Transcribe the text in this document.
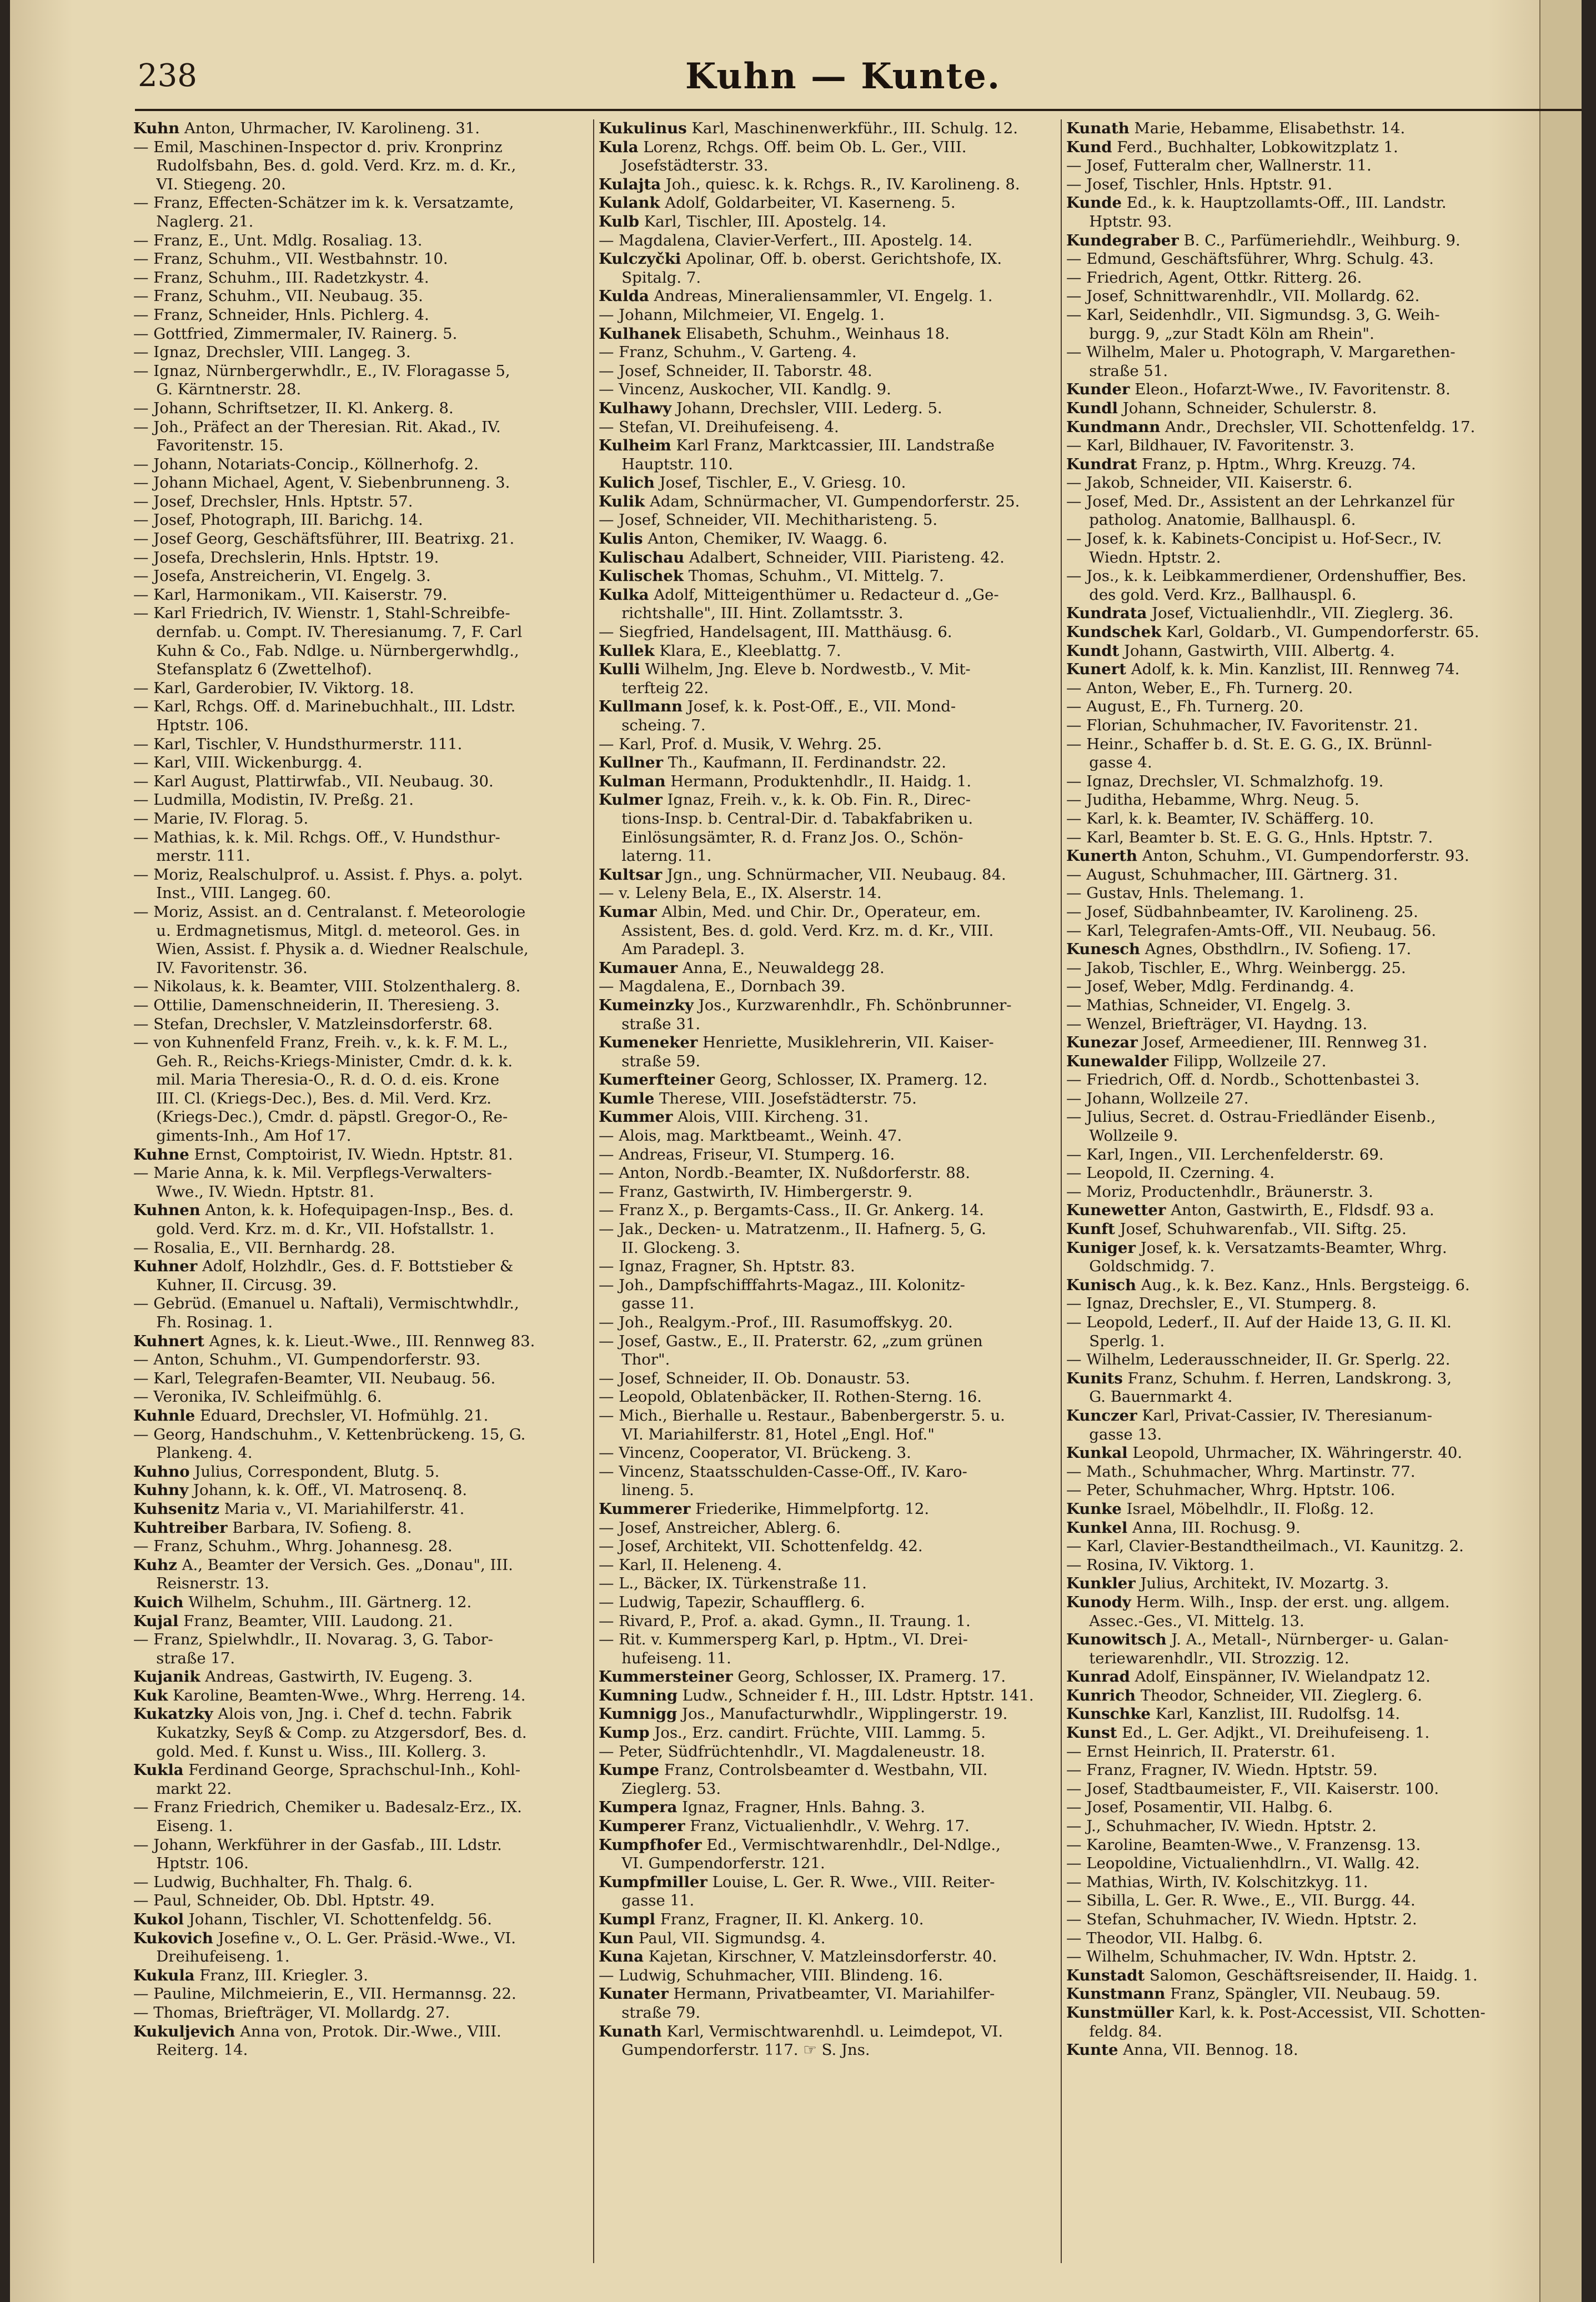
238	Kuhn — Kunte.
Kuhn Anton, Uhrmacher, IV. Karolineng. 31.
— Emil, Maschinen-Inspector d. priv. Kronprinz
  Rudolfsbahn, Bes. d. gold. Verd. Krz. m. d. Kr.,
  VI. Stiegeng. 20.
— Franz, Effecten-Schätzer im k. k. Versatzamte,
  Naglerg. 21.
— Franz, E., Unt. Mdlg. Rosaliag. 13.
— Franz, Schuhm., VII. Westbahnstr. 10.
— Franz, Schuhm., III. Radetzkystr. 4.
— Franz, Schuhm., VII. Neubaug. 35.
— Franz, Schneider, Hnls. Pichlerg. 4.
— Gottfried, Zimmermaler, IV. Rainerg. 5.
— Ignaz, Drechsler, VIII. Langeg. 3.
— Ignaz, Nürnbergerwhdlr., E., IV. Floragasse 5,
  G. Kärntnerstr. 28.
— Johann, Schriftsetzer, II. Kl. Ankerg. 8.
— Joh., Präfect an der Theresian. Rit. Akad., IV.
  Favoritenstr. 15.
— Johann, Notariats-Concip., Köllnerhofg. 2.
— Johann Michael, Agent, V. Siebenbrunneng. 3.
— Josef, Drechsler, Hnls. Hptstr. 57.
— Josef, Photograph, III. Barichg. 14.
— Josef Georg, Geschäftsführer, III. Beatrixg. 21.
— Josefa, Drechslerin, Hnls. Hptstr. 19.
— Josefa, Anstreicherin, VI. Engelg. 3.
— Karl, Harmonikam., VII. Kaiserstr. 79.
— Karl Friedrich, IV. Wienstr. 1, Stahl-Schreibfe-
  dernfab. u. Compt. IV. Theresianumg. 7, F. Carl
  Kuhn & Co., Fab. Ndlge. u. Nürnbergerwhdlg.,
  Stefansplatz 6 (Zwettelhof).
— Karl, Garderobier, IV. Viktorg. 18.
— Karl, Rchgs. Off. d. Marinebuchhalt., III. Ldstr.
  Hptstr. 106.
— Karl, Tischler, V. Hundsthurmerstr. 111.
— Karl, VIII. Wickenburgg. 4.
— Karl August, Plattirwfab., VII. Neubaug. 30.
— Ludmilla, Modistin, IV. Preßg. 21.
— Marie, IV. Florag. 5.
— Mathias, k. k. Mil. Rchgs. Off., V. Hundsthur-
  merstr. 111.
— Moriz, Realschulprof. u. Assist. f. Phys. a. polyt.
  Inst., VIII. Langeg. 60.
— Moriz, Assist. an d. Centralanst. f. Meteorologie
  u. Erdmagnetismus, Mitgl. d. meteorol. Ges. in
  Wien, Assist. f. Physik a. d. Wiedner Realschule,
  IV. Favoritenstr. 36.
— Nikolaus, k. k. Beamter, VIII. Stolzenthalerg. 8.
— Ottilie, Damenschneiderin, II. Theresieng. 3.
— Stefan, Drechsler, V. Matzleinsdorferstr. 68.
— von Kuhnenfeld Franz, Freih. v., k. k. F. M. L.,
  Geh. R., Reichs-Kriegs-Minister, Cmdr. d. k. k.
  mil. Maria Theresia-O., R. d. O. d. eis. Krone
  III. Cl. (Kriegs-Dec.), Bes. d. Mil. Verd. Krz.
  (Kriegs-Dec.), Cmdr. d. päpstl. Gregor-O., Re-
  giments-Inh., Am Hof 17.
Kuhne Ernst, Comptoirist, IV. Wiedn. Hptstr. 81.
— Marie Anna, k. k. Mil. Verpflegs-Verwalters-
  Wwe., IV. Wiedn. Hptstr. 81.
Kuhnen Anton, k. k. Hofequipagen-Insp., Bes. d.
  gold. Verd. Krz. m. d. Kr., VII. Hofstallstr. 1.
— Rosalia, E., VII. Bernhardg. 28.
Kuhner Adolf, Holzhdlr., Ges. d. F. Bottstieber &
  Kuhner, II. Circusg. 39.
— Gebrüd. (Emanuel u. Naftali), Vermischtwhdlr.,
  Fh. Rosinag. 1.
Kuhnert Agnes, k. k. Lieut.-Wwe., III. Rennweg 83.
— Anton, Schuhm., VI. Gumpendorferstr. 93.
— Karl, Telegrafen-Beamter, VII. Neubaug. 56.
— Veronika, IV. Schleifmühlg. 6.
Kuhnle Eduard, Drechsler, VI. Hofmühlg. 21.
— Georg, Handschuhm., V. Kettenbrückeng. 15, G.
  Plankeng. 4.
Kuhno Julius, Correspondent, Blutg. 5.
Kuhny Johann, k. k. Off., VI. Matrosenq. 8.
Kuhsenitz Maria v., VI. Mariahilferstr. 41.
Kuhtreiber Barbara, IV. Sofieng. 8.
— Franz, Schuhm., Whrg. Johannesg. 28.
Kuhz A., Beamter der Versich. Ges. „Donau", III.
  Reisnerstr. 13.
Kuich Wilhelm, Schuhm., III. Gärtnerg. 12.
Kujal Franz, Beamter, VIII. Laudong. 21.
— Franz, Spielwhdlr., II. Novarag. 3, G. Tabor-
  straße 17.
Kujanik Andreas, Gastwirth, IV. Eugeng. 3.
Kuk Karoline, Beamten-Wwe., Whrg. Herreng. 14.
Kukatzky Alois von, Jng. i. Chef d. techn. Fabrik
  Kukatzky, Seyß & Comp. zu Atzgersdorf, Bes. d.
  gold. Med. f. Kunst u. Wiss., III. Kollerg. 3.
Kukla Ferdinand George, Sprachschul-Inh., Kohl-
  markt 22.
— Franz Friedrich, Chemiker u. Badesalz-Erz., IX.
  Eiseng. 1.
— Johann, Werkführer in der Gasfab., III. Ldstr.
  Hptstr. 106.
— Ludwig, Buchhalter, Fh. Thalg. 6.
— Paul, Schneider, Ob. Dbl. Hptstr. 49.
Kukol Johann, Tischler, VI. Schottenfeldg. 56.
Kukovich Josefine v., O. L. Ger. Präsid.-Wwe., VI.
  Dreihufeiseng. 1.
Kukula Franz, III. Kriegler. 3.
— Pauline, Milchmeierin, E., VII. Hermannsg. 22.
— Thomas, Briefträger, VI. Mollardg. 27.
Kukuljevich Anna von, Protok. Dir.-Wwe., VIII.
  Reiterg. 14.
Kukulinus Karl, Maschinenwerkführ., III. Schulg. 12.
Kula Lorenz, Rchgs. Off. beim Ob. L. Ger., VIII.
  Josefstädterstr. 33.
Kulajta Joh., quiesc. k. k. Rchgs. R., IV. Karolineng. 8.
Kulank Adolf, Goldarbeiter, VI. Kaserneng. 5.
Kulb Karl, Tischler, III. Apostelg. 14.
— Magdalena, Clavier-Verfert., III. Apostelg. 14.
Kulczyčki Apolinar, Off. b. oberst. Gerichtshofe, IX.
  Spitalg. 7.
Kulda Andreas, Mineraliensammler, VI. Engelg. 1.
— Johann, Milchmeier, VI. Engelg. 1.
Kulhanek Elisabeth, Schuhm., Weinhaus 18.
— Franz, Schuhm., V. Garteng. 4.
— Josef, Schneider, II. Taborstr. 48.
— Vincenz, Auskocher, VII. Kandlg. 9.
Kulhawy Johann, Drechsler, VIII. Lederg. 5.
— Stefan, VI. Dreihufeiseng. 4.
Kulheim Karl Franz, Marktcassier, III. Landstraße
  Hauptstr. 110.
Kulich Josef, Tischler, E., V. Griesg. 10.
Kulik Adam, Schnürmacher, VI. Gumpendorferstr. 25.
— Josef, Schneider, VII. Mechitharisteng. 5.
Kulis Anton, Chemiker, IV. Waagg. 6.
Kulischau Adalbert, Schneider, VIII. Piaristeng. 42.
Kulischek Thomas, Schuhm., VI. Mittelg. 7.
Kulka Adolf, Mitteigenthümer u. Redacteur d. „Ge-
  richtshalle", III. Hint. Zollamtsstr. 3.
— Siegfried, Handelsagent, III. Matthäusg. 6.
Kullek Klara, E., Kleeblattg. 7.
Kulli Wilhelm, Jng. Eleve b. Nordwestb., V. Mit-
  terfteig 22.
Kullmann Josef, k. k. Post-Off., E., VII. Mond-
  scheing. 7.
— Karl, Prof. d. Musik, V. Wehrg. 25.
Kullner Th., Kaufmann, II. Ferdinandstr. 22.
Kulman Hermann, Produktenhdlr., II. Haidg. 1.
Kulmer Ignaz, Freih. v., k. k. Ob. Fin. R., Direc-
  tions-Insp. b. Central-Dir. d. Tabakfabriken u.
  Einlösungsämter, R. d. Franz Jos. O., Schön-
  laterng. 11.
Kultsar Jgn., ung. Schnürmacher, VII. Neubaug. 84.
— v. Leleny Bela, E., IX. Alserstr. 14.
Kumar Albin, Med. und Chir. Dr., Operateur, em.
  Assistent, Bes. d. gold. Verd. Krz. m. d. Kr., VIII.
  Am Paradepl. 3.
Kumauer Anna, E., Neuwaldegg 28.
— Magdalena, E., Dornbach 39.
Kumeinzky Jos., Kurzwarenhdlr., Fh. Schönbrunner-
  straße 31.
Kumeneker Henriette, Musiklehrerin, VII. Kaiser-
  straße 59.
Kumerfteiner Georg, Schlosser, IX. Pramerg. 12.
Kumle Therese, VIII. Josefstädterstr. 75.
Kummer Alois, VIII. Kircheng. 31.
— Alois, mag. Marktbeamt., Weinh. 47.
— Andreas, Friseur, VI. Stumperg. 16.
— Anton, Nordb.-Beamter, IX. Nußdorferstr. 88.
— Franz, Gastwirth, IV. Himbergerstr. 9.
— Franz X., p. Bergamts-Cass., II. Gr. Ankerg. 14.
— Jak., Decken- u. Matratzenm., II. Hafnerg. 5, G.
  II. Glockeng. 3.
— Ignaz, Fragner, Sh. Hptstr. 83.
— Joh., Dampfschifffahrts-Magaz., III. Kolonitz-
  gasse 11.
— Joh., Realgym.-Prof., III. Rasumoffskyg. 20.
— Josef, Gastw., E., II. Praterstr. 62, „zum grünen
  Thor".
— Josef, Schneider, II. Ob. Donaustr. 53.
— Leopold, Oblatenbäcker, II. Rothen-Sterng. 16.
— Mich., Bierhalle u. Restaur., Babenbergerstr. 5. u.
  VI. Mariahilferstr. 81, Hotel „Engl. Hof."
— Vincenz, Cooperator, VI. Brückeng. 3.
— Vincenz, Staatsschulden-Casse-Off., IV. Karo-
  lineng. 5.
Kummerer Friederike, Himmelpfortg. 12.
— Josef, Anstreicher, Ablerg. 6.
— Josef, Architekt, VII. Schottenfeldg. 42.
— Karl, II. Heleneng. 4.
— L., Bäcker, IX. Türkenstraße 11.
— Ludwig, Tapezir, Schaufflerg. 6.
— Rivard, P., Prof. a. akad. Gymn., II. Traung. 1.
— Rit. v. Kummersperg Karl, p. Hptm., VI. Drei-
  hufeiseng. 11.
Kummersteiner Georg, Schlosser, IX. Pramerg. 17.
Kumning Ludw., Schneider f. H., III. Ldstr. Hptstr. 141.
Kumnigg Jos., Manufacturwhdlr., Wipplingerstr. 19.
Kump Jos., Erz. candirt. Früchte, VIII. Lammg. 5.
— Peter, Südfrüchtenhdlr., VI. Magdaleneustr. 18.
Kumpe Franz, Controlsbeamter d. Westbahn, VII.
  Zieglerg. 53.
Kumpera Ignaz, Fragner, Hnls. Bahng. 3.
Kumperer Franz, Victualienhdlr., V. Wehrg. 17.
Kumpfhofer Ed., Vermischtwarenhdlr., Del-Ndlge.,
  VI. Gumpendorferstr. 121.
Kumpfmiller Louise, L. Ger. R. Wwe., VIII. Reiter-
  gasse 11.
Kumpl Franz, Fragner, II. Kl. Ankerg. 10.
Kun Paul, VII. Sigmundsg. 4.
Kuna Kajetan, Kirschner, V. Matzleinsdorferstr. 40.
— Ludwig, Schuhmacher, VIII. Blindeng. 16.
Kunater Hermann, Privatbeamter, VI. Mariahilfer-
  straße 79.
Kunath Karl, Vermischtwarenhdl. u. Leimdepot, VI.
  Gumpendorferstr. 117. ☞ S. Jns.
Kunath Marie, Hebamme, Elisabethstr. 14.
Kund Ferd., Buchhalter, Lobkowitzplatz 1.
— Josef, Futteralm cher, Wallnerstr. 11.
— Josef, Tischler, Hnls. Hptstr. 91.
Kunde Ed., k. k. Hauptzollamts-Off., III. Landstr.
  Hptstr. 93.
Kundegraber B. C., Parfümeriehdlr., Weihburg. 9.
— Edmund, Geschäftsführer, Whrg. Schulg. 43.
— Friedrich, Agent, Ottkr. Ritterg. 26.
— Josef, Schnittwarenhdlr., VII. Mollardg. 62.
— Karl, Seidenhdlr., VII. Sigmundsg. 3, G. Weih-
  burgg. 9, „zur Stadt Köln am Rhein".
— Wilhelm, Maler u. Photograph, V. Margarethen-
  straße 51.
Kunder Eleon., Hofarzt-Wwe., IV. Favoritenstr. 8.
Kundl Johann, Schneider, Schulerstr. 8.
Kundmann Andr., Drechsler, VII. Schottenfeldg. 17.
— Karl, Bildhauer, IV. Favoritenstr. 3.
Kundrat Franz, p. Hptm., Whrg. Kreuzg. 74.
— Jakob, Schneider, VII. Kaiserstr. 6.
— Josef, Med. Dr., Assistent an der Lehrkanzel für
  patholog. Anatomie, Ballhauspl. 6.
— Josef, k. k. Kabinets-Concipist u. Hof-Secr., IV.
  Wiedn. Hptstr. 2.
— Jos., k. k. Leibkammerdiener, Ordenshuffier, Bes.
  des gold. Verd. Krz., Ballhauspl. 6.
Kundrata Josef, Victualienhdlr., VII. Zieglerg. 36.
Kundschek Karl, Goldarb., VI. Gumpendorferstr. 65.
Kundt Johann, Gastwirth, VIII. Albertg. 4.
Kunert Adolf, k. k. Min. Kanzlist, III. Rennweg 74.
— Anton, Weber, E., Fh. Turnerg. 20.
— August, E., Fh. Turnerg. 20.
— Florian, Schuhmacher, IV. Favoritenstr. 21.
— Heinr., Schaffer b. d. St. E. G. G., IX. Brünnl-
  gasse 4.
— Ignaz, Drechsler, VI. Schmalzhofg. 19.
— Juditha, Hebamme, Whrg. Neug. 5.
— Karl, k. k. Beamter, IV. Schäfferg. 10.
— Karl, Beamter b. St. E. G. G., Hnls. Hptstr. 7.
Kunerth Anton, Schuhm., VI. Gumpendorferstr. 93.
— August, Schuhmacher, III. Gärtnerg. 31.
— Gustav, Hnls. Thelemang. 1.
— Josef, Südbahnbeamter, IV. Karolineng. 25.
— Karl, Telegrafen-Amts-Off., VII. Neubaug. 56.
Kunesch Agnes, Obsthdlrn., IV. Sofieng. 17.
— Jakob, Tischler, E., Whrg. Weinbergg. 25.
— Josef, Weber, Mdlg. Ferdinandg. 4.
— Mathias, Schneider, VI. Engelg. 3.
— Wenzel, Briefträger, VI. Haydng. 13.
Kunezar Josef, Armeediener, III. Rennweg 31.
Kunewalder Filipp, Wollzeile 27.
— Friedrich, Off. d. Nordb., Schottenbastei 3.
— Johann, Wollzeile 27.
— Julius, Secret. d. Ostrau-Friedländer Eisenb.,
  Wollzeile 9.
— Karl, Ingen., VII. Lerchenfelderstr. 69.
— Leopold, II. Czerning. 4.
— Moriz, Productenhdlr., Bräunerstr. 3.
Kunewetter Anton, Gastwirth, E., Fldsdf. 93 a.
Kunft Josef, Schuhwarenfab., VII. Siftg. 25.
Kuniger Josef, k. k. Versatzamts-Beamter, Whrg.
  Goldschmidg. 7.
Kunisch Aug., k. k. Bez. Kanz., Hnls. Bergsteigg. 6.
— Ignaz, Drechsler, E., VI. Stumperg. 8.
— Leopold, Lederf., II. Auf der Haide 13, G. II. Kl.
  Sperlg. 1.
— Wilhelm, Lederausschneider, II. Gr. Sperlg. 22.
Kunits Franz, Schuhm. f. Herren, Landskrong. 3,
  G. Bauernmarkt 4.
Kunczer Karl, Privat-Cassier, IV. Theresianum-
  gasse 13.
Kunkal Leopold, Uhrmacher, IX. Währingerstr. 40.
— Math., Schuhmacher, Whrg. Martinstr. 77.
— Peter, Schuhmacher, Whrg. Hptstr. 106.
Kunke Israel, Möbelhdlr., II. Floßg. 12.
Kunkel Anna, III. Rochusg. 9.
— Karl, Clavier-Bestandtheilmach., VI. Kaunitzg. 2.
— Rosina, IV. Viktorg. 1.
Kunkler Julius, Architekt, IV. Mozartg. 3.
Kunody Herm. Wilh., Insp. der erst. ung. allgem.
  Assec.-Ges., VI. Mittelg. 13.
Kunowitsch J. A., Metall-, Nürnberger- u. Galan-
  teriewarenhdlr., VII. Strozzig. 12.
Kunrad Adolf, Einspänner, IV. Wielandpatz 12.
Kunrich Theodor, Schneider, VII. Zieglerg. 6.
Kunschke Karl, Kanzlist, III. Rudolfsg. 14.
Kunst Ed., L. Ger. Adjkt., VI. Dreihufeiseng. 1.
— Ernst Heinrich, II. Praterstr. 61.
— Franz, Fragner, IV. Wiedn. Hptstr. 59.
— Josef, Stadtbaumeister, F., VII. Kaiserstr. 100.
— Josef, Posamentir, VII. Halbg. 6.
— J., Schuhmacher, IV. Wiedn. Hptstr. 2.
— Karoline, Beamten-Wwe., V. Franzensg. 13.
— Leopoldine, Victualienhdlrn., VI. Wallg. 42.
— Mathias, Wirth, IV. Kolschitzkyg. 11.
— Sibilla, L. Ger. R. Wwe., E., VII. Burgg. 44.
— Stefan, Schuhmacher, IV. Wiedn. Hptstr. 2.
— Theodor, VII. Halbg. 6.
— Wilhelm, Schuhmacher, IV. Wdn. Hptstr. 2.
Kunstadt Salomon, Geschäftsreisender, II. Haidg. 1.
Kunstmann Franz, Spängler, VII. Neubaug. 59.
Kunstmüller Karl, k. k. Post-Accessist, VII. Schotten-
  feldg. 84.
Kunte Anna, VII. Bennog. 18.
